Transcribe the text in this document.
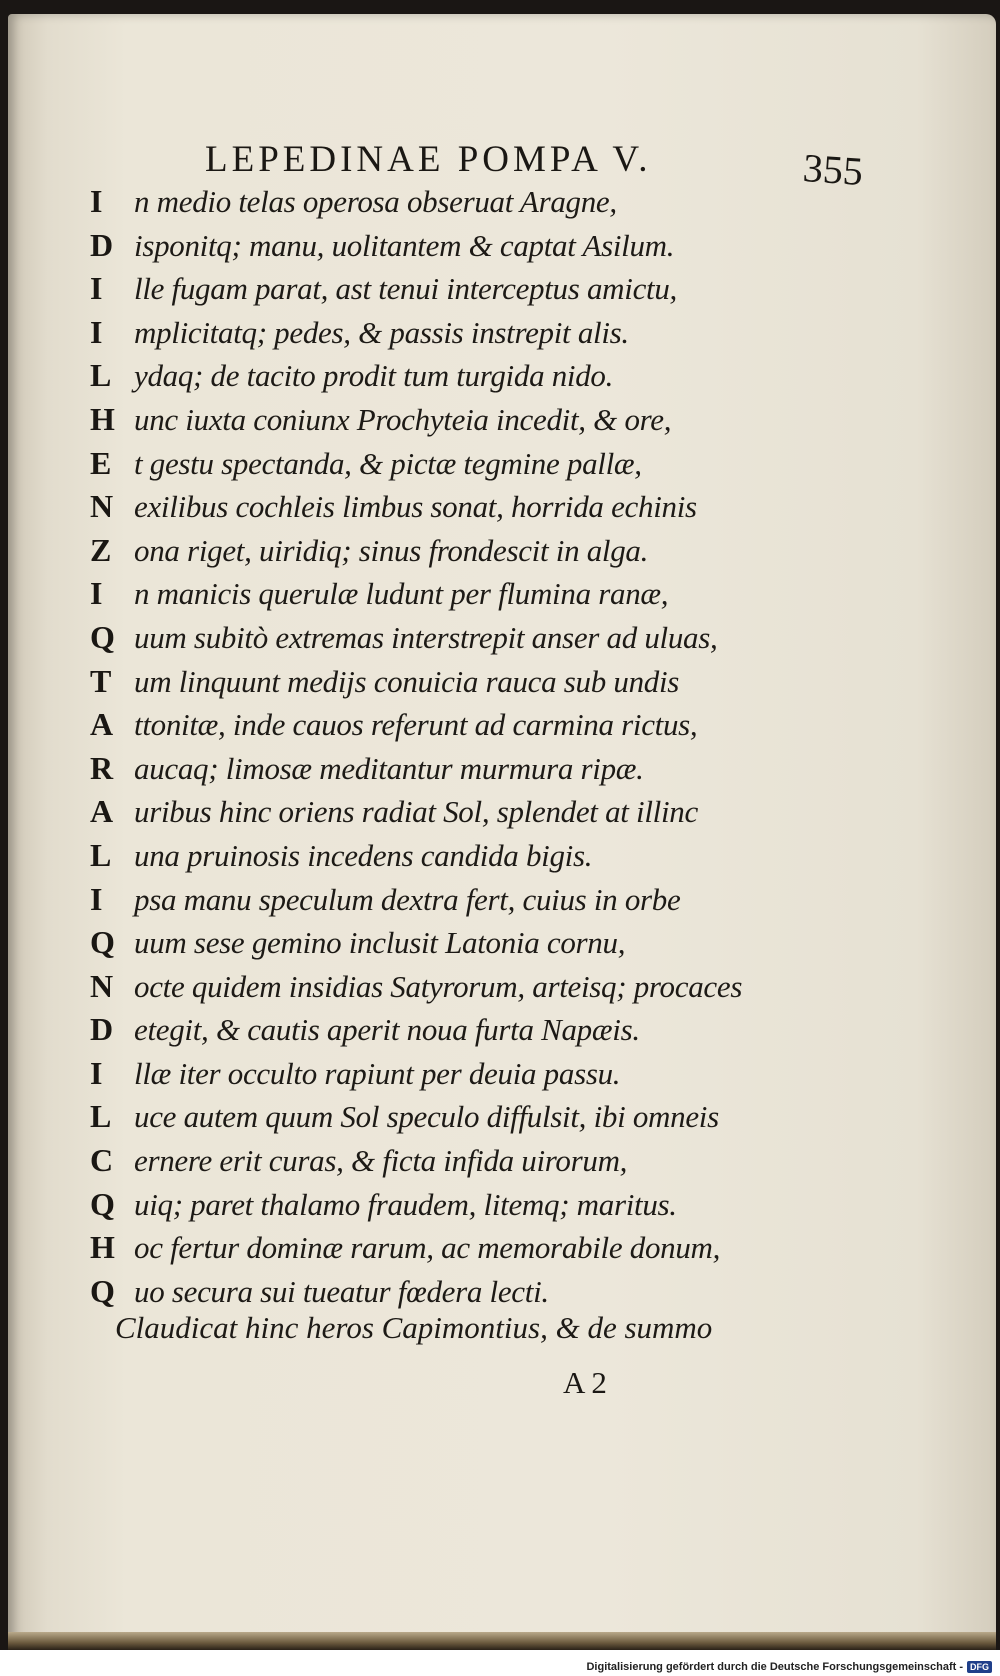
LEPEDINAE POMPA V.	355
I	n medio telas operosa obseruat Aragne,
D isponitq; manu, uolitantem & captat Asilum.
I	lle fugam parat, ast tenui interceptus amictu,
I	mplicitatq; pedes, & passis instrepit alis.
L ydaq; de tacito prodit tum turgida nido.
H unc iuxta coniunx Prochyteia incedit, & ore,
E t gestu spectanda, & pictæ tegmine pallæ,
N exilibus cochleis limbus sonat, horrida echinis
Z ona riget, uiridiq; sinus frondescit in alga.
I	n manicis querulæ ludunt per flumina ranæ,
Q uum subitò extremas interstrepit anser ad uluas,
T um linquunt medijs conuicia rauca sub undis
A ttonitæ, inde cauos referunt ad carmina rictus,
R aucaq; limosæ meditantur murmura ripæ.
A uribus hinc oriens radiat Sol, splendet at illinc
L una pruinosis incedens candida bigis.
I	psa manu speculum dextra fert, cuius in orbe
Q uum sese gemino inclusit Latonia cornu,
N octe quidem insidias Satyrorum, arteisq; procaces
D etegit, & cautis aperit noua furta Napæis.
I	llæ iter occulto rapiunt per deuia passu.
L uce autem quum Sol speculo diffulsit, ibi omneis
C ernere erit curas, & ficta infida uirorum,
Q uiq; paret thalamo fraudem, litemq; maritus.
H oc fertur dominæ rarum, ac memorabile donum,
Q uo secura sui tueatur fœdera lecti.
Claudicat hinc heros Capimontius, & de summo
A 2
Digitalisierung gefördert durch die Deutsche Forschungsgemeinschaft - DFG
